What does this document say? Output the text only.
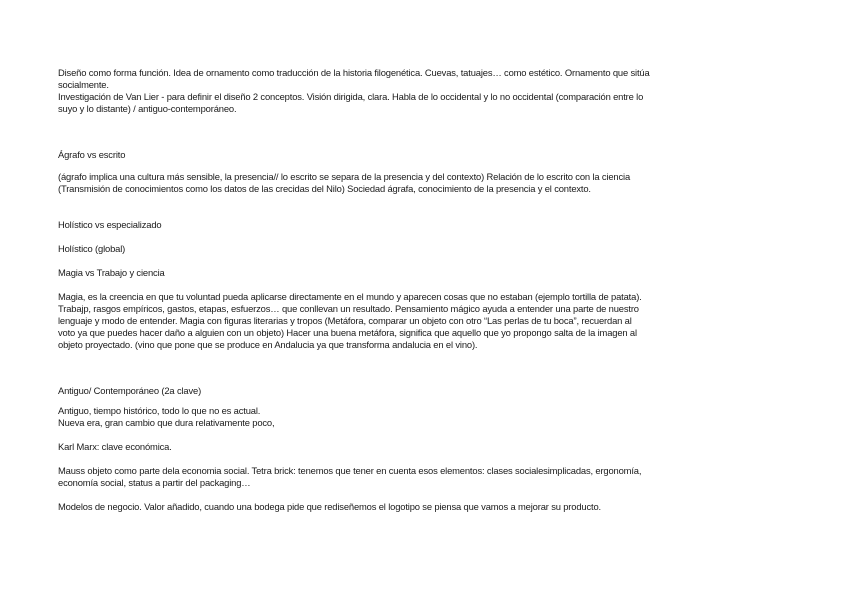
Diseño como forma función. Idea de ornamento como traducción de la historia filogenética. Cuevas, tatuajes… como estético. Ornamento que sitúa
socialmente.
Investigación de Van Lier - para definir el diseño 2 conceptos. Visión dirigida, clara. Habla de lo occidental y lo no occidental (comparación entre lo
suyo y lo distante) / antiguo-contemporáneo.

Ágrafo vs escrito

(ágrafo implica una cultura más sensible, la presencia// lo escrito se separa de la presencia y del contexto) Relación de lo escrito con la ciencia
(Transmisión de conocimientos como los datos de las crecidas del Nilo) Sociedad ágrafa, conocimiento de la presencia y el contexto.

Holístico vs especializado

Holístico (global)

Magia vs Trabajo y ciencia

Magia, es la creencia en que tu voluntad pueda aplicarse directamente en el mundo y aparecen cosas que no estaban (ejemplo tortilla de patata).
Trabajp, rasgos empíricos, gastos, etapas, esfuerzos… que conllevan un resultado. Pensamiento mágico ayuda a entender una parte de nuestro
lenguaje y modo de entender. Magia con figuras literarias y tropos (Metáfora, comparar un objeto con otro “Las perlas de tu boca”, recuerdan al
voto ya que puedes hacer daño a alguien con un objeto) Hacer una buena metáfora, significa que aquello que yo propongo salta de la imagen al
objeto proyectado. (vino que pone que se produce en Andalucia ya que transforma andalucia en el vino).

Antiguo/ Contemporáneo (2a clave)

Antiguo, tiempo histórico, todo lo que no es actual.
Nueva era, gran cambio que dura relativamente poco,

Karl Marx: clave económica.

Mauss objeto como parte dela economia social. Tetra brick: tenemos que tener en cuenta esos elementos: clases socialesimplicadas, ergonomía,
economía social, status a partir del packaging…

Modelos de negocio. Valor añadido, cuando una bodega pide que rediseñemos el logotipo se piensa que vamos a mejorar su producto.
